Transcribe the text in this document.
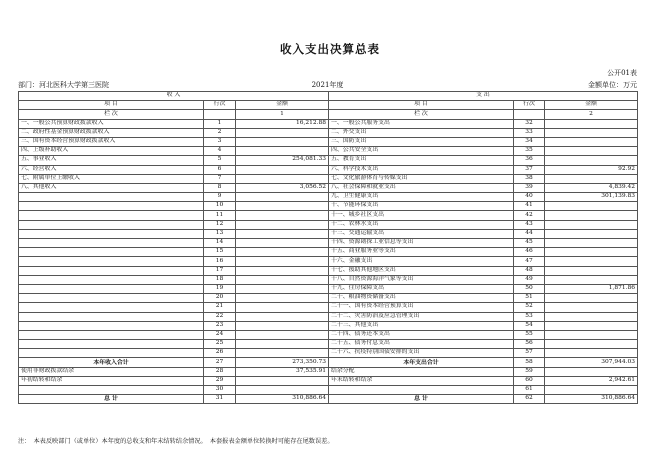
收入支出决算总表
公开01表
部门：河北医科大学第三医院	2021年度	金额单位：万元
收 入			支 出		
项 目	行次	金额	项 目	行次	金额
栏 次		1	栏 次		2
一、一般公共预算财政拨款收入	1	16,212.88	一、一般公共服务支出	32	
二、政府性基金预算财政拨款收入	2		二、外交支出	33	
三、国有资本经营预算财政拨款收入	3		三、国防支出	34	
四、上级补助收入	4		四、公共安全支出	35	
五、事业收入	5	254,081.33	五、教育支出	36	
六、经营收入	6		六、科学技术支出	37	92.92
七、附属单位上缴收入	7		七、文化旅游体育与传媒支出	38	
八、其他收入	8	3,056.52	八、社会保障和就业支出	39	4,839.42
	9		九、卫生健康支出	40	301,139.83
	10		十、节能环保支出	41	
	11		十一、城乡社区支出	42	
	12		十二、农林水支出	43	
	13		十三、交通运输支出	44	
	14		十四、资源勘探工业信息等支出	45	
	15		十五、商业服务业等支出	46	
	16		十六、金融支出	47	
	17		十七、援助其他地区支出	48	
	18		十八、自然资源海洋气象等支出	49	
	19		十九、住房保障支出	50	1,871.86
	20		二十、粮油物资储备支出	51	
	21		二十一、国有资本经营预算支出	52	
	22		二十二、灾害防治及应急管理支出	53	
	23		二十三、其他支出	54	
	24		二十四、债务还本支出	55	
	25		二十五、债务付息支出	56	
	26		二十六、抗疫特别国债安排的支出	57	
本年收入合计	27	273,350.73	本年支出合计	58	307,944.03
使用非财政拨款结余	28	37,535.91	结余分配	59	
年初结转和结余	29		年末结转和结余	60	2,942.61
	30			61	
总 计	31	310,886.64	总 计	62	310,886.64
注：　本表反映部门（或单位）本年度的总收支和年末结转结余情况。　本套报表金额单位转换时可能存在尾数误差。
